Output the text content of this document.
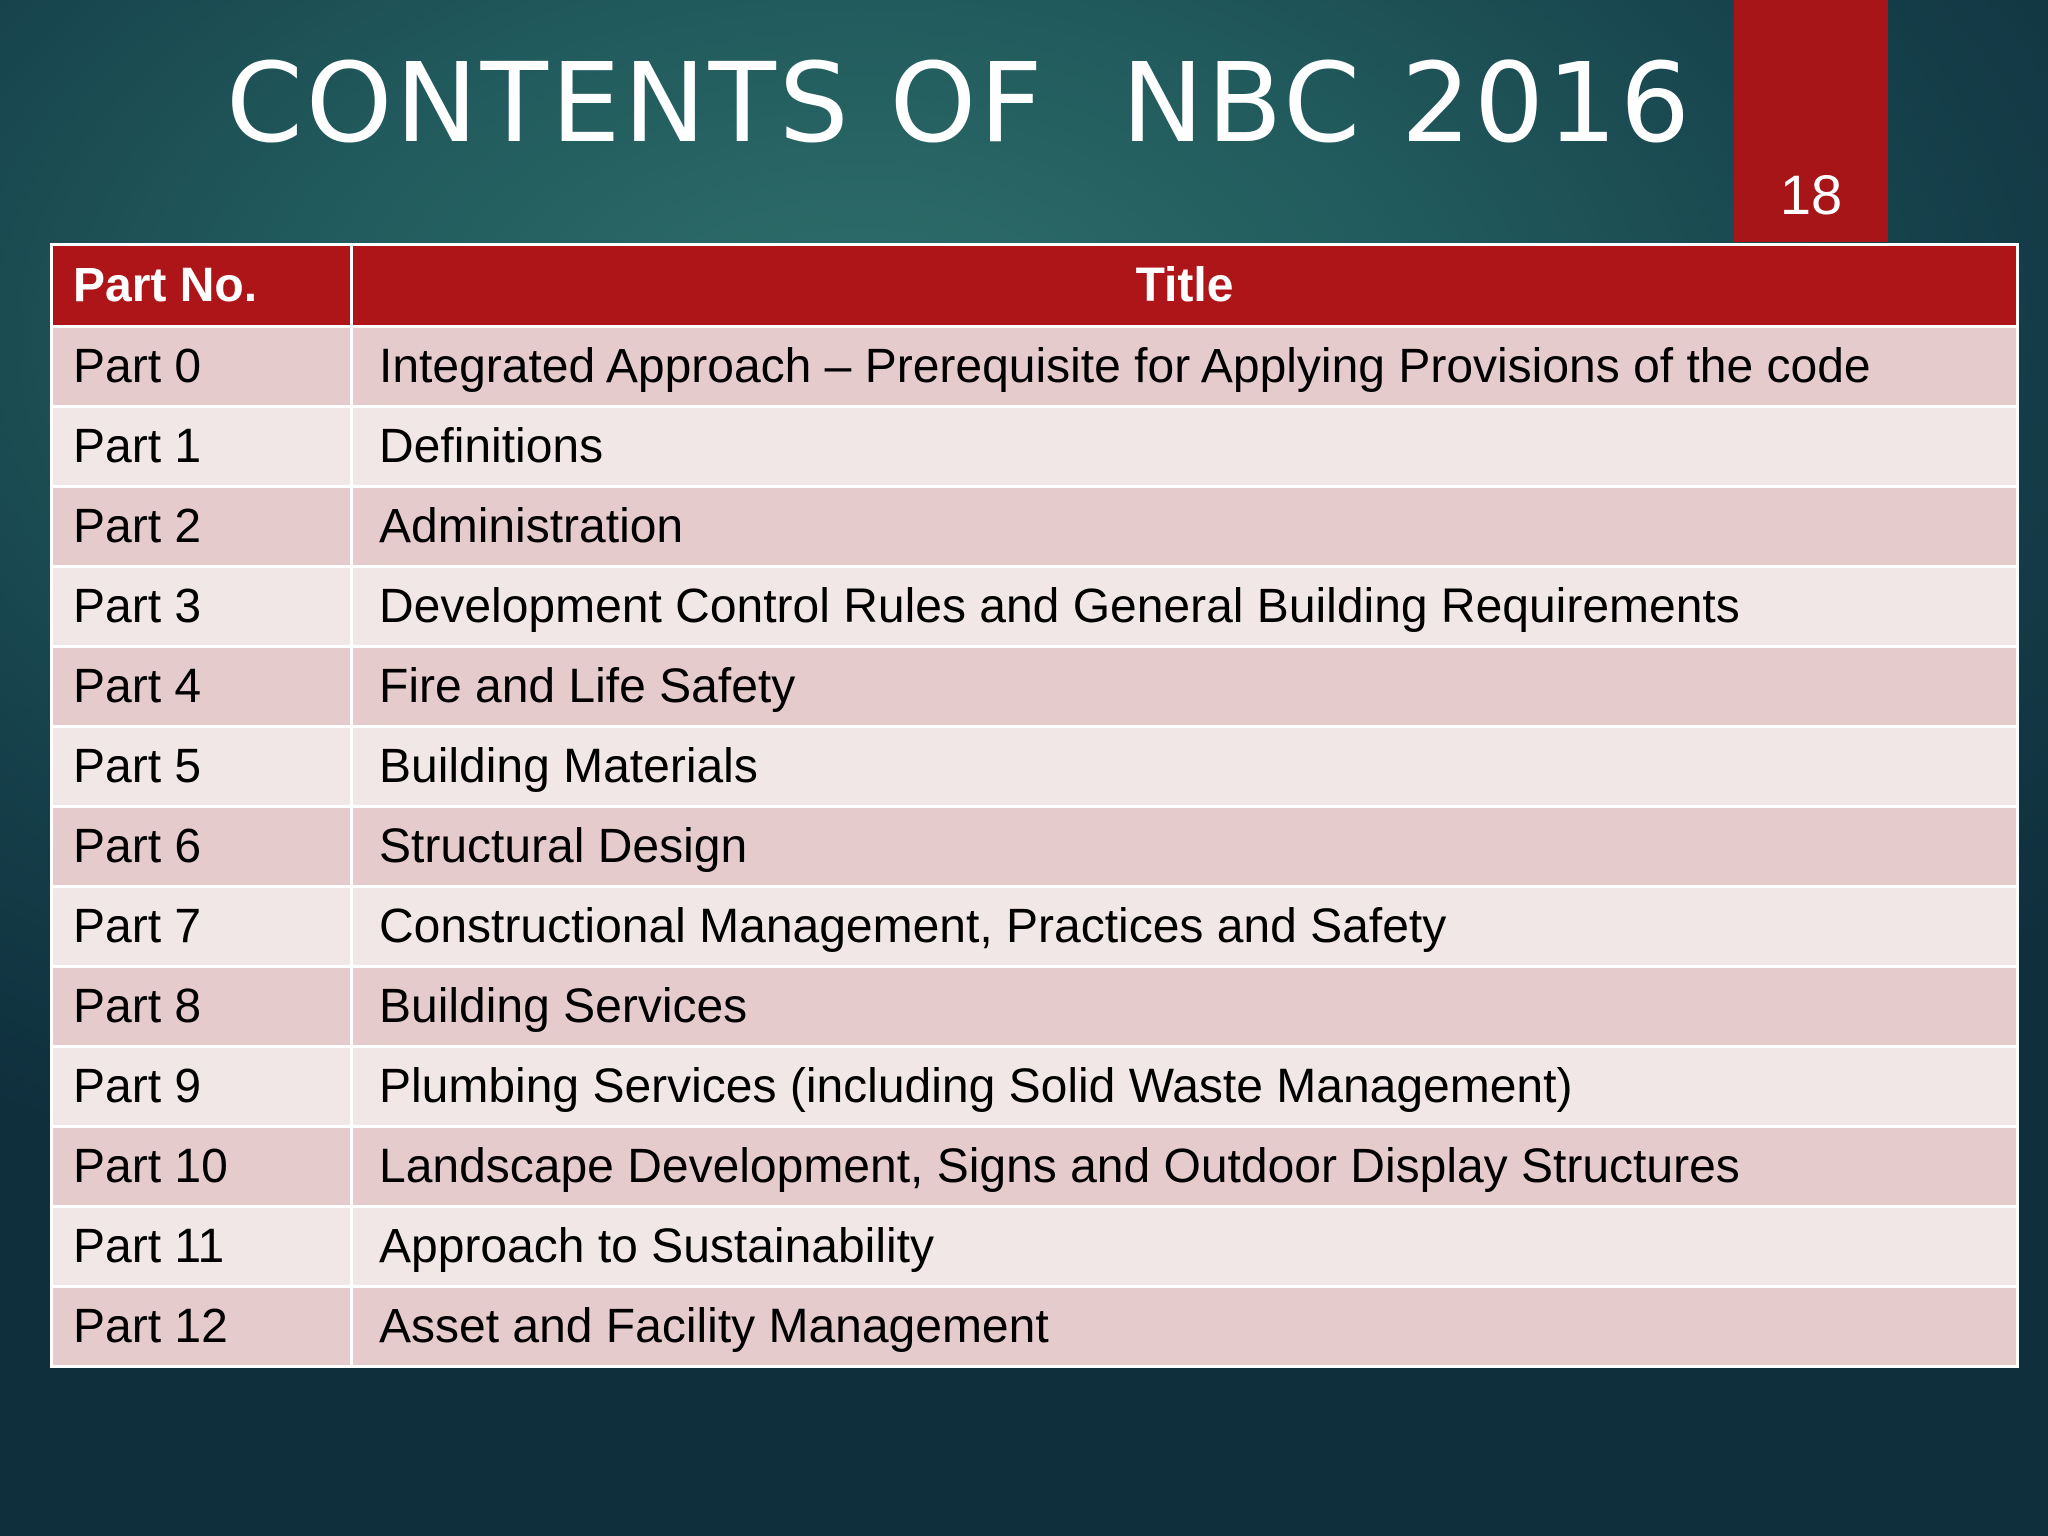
CONTENTS OF  NBC 2016
18
Part No.	Title
Part 0	Integrated Approach – Prerequisite for Applying Provisions of the code
Part 1	Definitions
Part 2	Administration
Part 3	Development Control Rules and General Building Requirements
Part 4	Fire and Life Safety
Part 5	Building Materials
Part 6	Structural Design
Part 7	Constructional Management, Practices and Safety
Part 8	Building Services
Part 9	Plumbing Services (including Solid Waste Management)
Part 10	Landscape Development, Signs and Outdoor Display Structures
Part 11	Approach to Sustainability
Part 12	Asset and Facility Management
